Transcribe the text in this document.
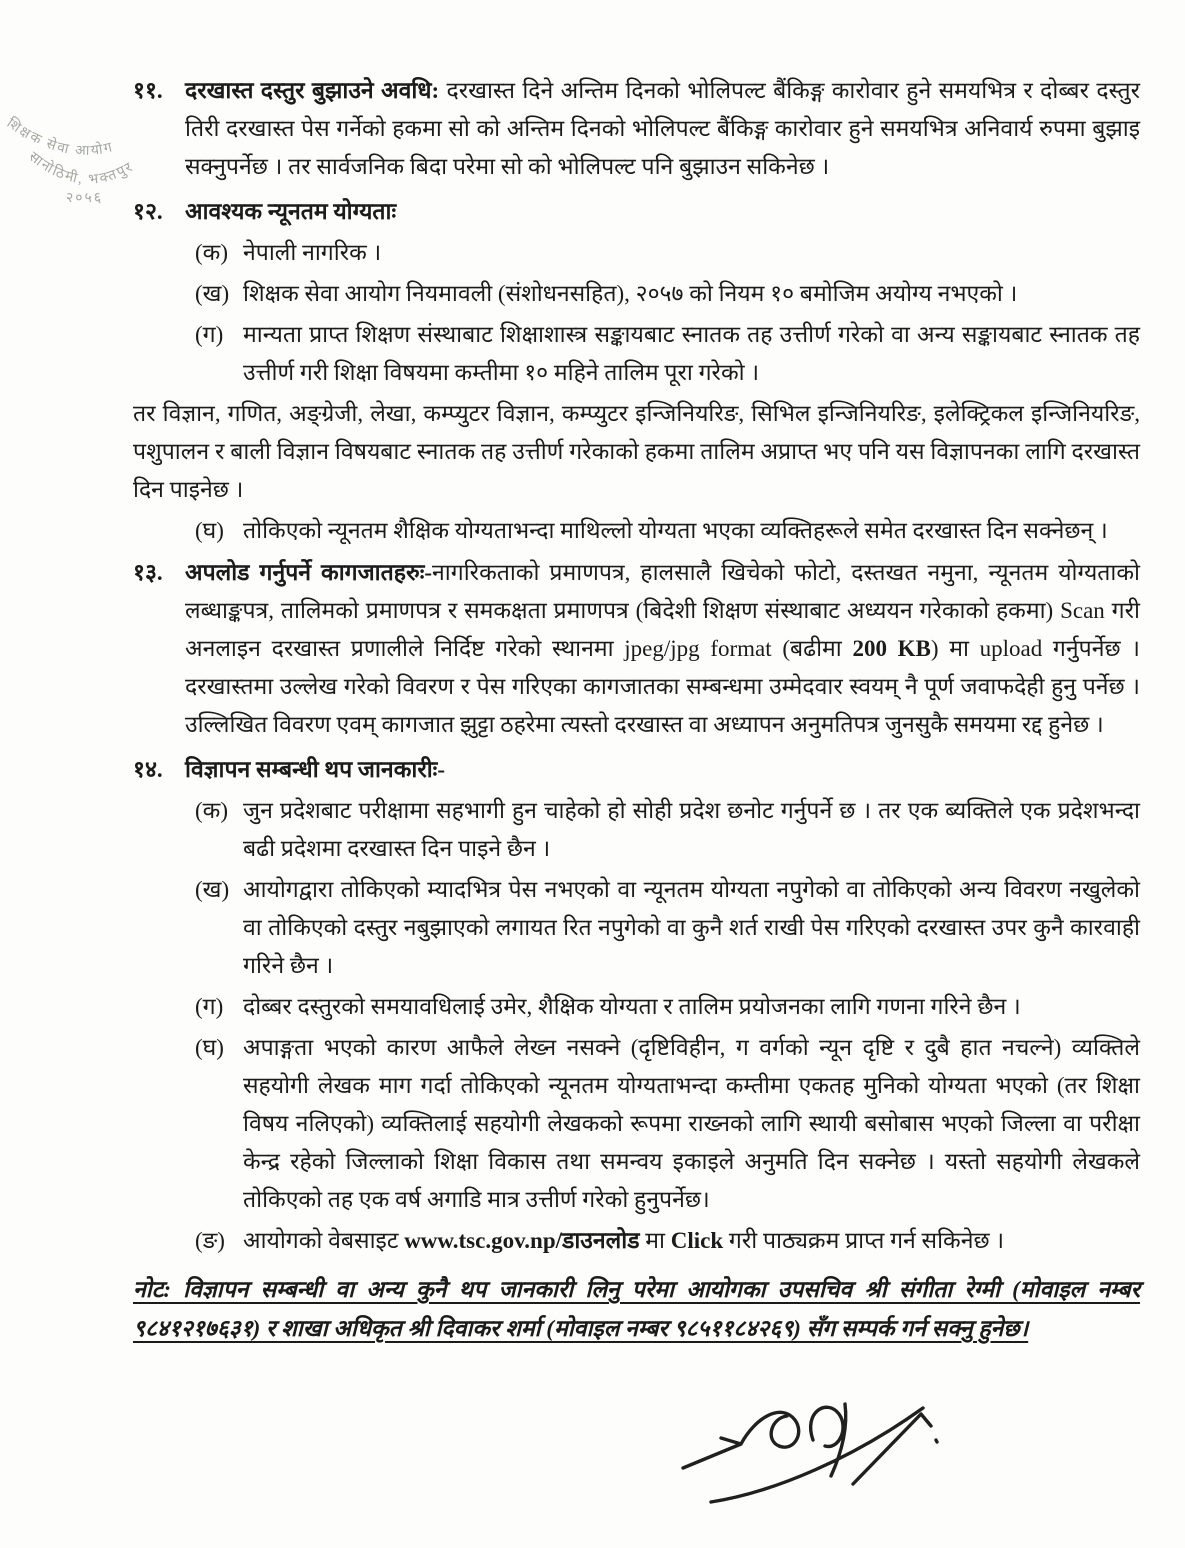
शिक्षक सेवा आयोग
सानोठिमी, भक्तपुर
२०५६
११. दरखास्त दस्तुर बुझाउने अवधि: दरखास्त दिने अन्तिम दिनको भोलिपल्ट बैंकिङ्ग कारोवार हुने समयभित्र र दोब्बर दस्तुर तिरी दरखास्त पेस गर्नेको हकमा सो को अन्तिम दिनको भोलिपल्ट बैंकिङ्ग कारोवार हुने समयभित्र अनिवार्य रुपमा बुझाइ सक्नुपर्नेछ । तर सार्वजनिक बिदा परेमा सो को भोलिपल्ट पनि बुझाउन सकिनेछ ।
१२. आवश्यक न्यूनतम योग्यताः
(क) नेपाली नागरिक ।
(ख) शिक्षक सेवा आयोग नियमावली (संशोधनसहित), २०५७ को नियम १० बमोजिम अयोग्य नभएको ।
(ग) मान्यता प्राप्त शिक्षण संस्थाबाट शिक्षाशास्त्र सङ्कायबाट स्नातक तह उत्तीर्ण गरेको वा अन्य सङ्कायबाट स्नातक तह उत्तीर्ण गरी शिक्षा विषयमा कम्तीमा १० महिने तालिम पूरा गरेको ।
तर विज्ञान, गणित, अङ्ग्रेजी, लेखा, कम्प्युटर विज्ञान, कम्प्युटर इन्जिनियरिङ, सिभिल इन्जिनियरिङ, इलेक्ट्रिकल इन्जिनियरिङ, पशुपालन र बाली विज्ञान विषयबाट स्नातक तह उत्तीर्ण गरेकाको हकमा तालिम अप्राप्त भए पनि यस विज्ञापनका लागि दरखास्त दिन पाइनेछ ।
(घ) तोकिएको न्यूनतम शैक्षिक योग्यताभन्दा माथिल्लो योग्यता भएका व्यक्तिहरूले समेत दरखास्त दिन सक्नेछन् ।
१३. अपलोड गर्नुपर्ने कागजातहरुः-नागरिकताको प्रमाणपत्र, हालसालै खिचेको फोटो, दस्तखत नमुना, न्यूनतम योग्यताको लब्धाङ्कपत्र, तालिमको प्रमाणपत्र र समकक्षता प्रमाणपत्र (बिदेशी शिक्षण संस्थाबाट अध्ययन गरेकाको हकमा) Scan गरी अनलाइन दरखास्त प्रणालीले निर्दिष्ट गरेको स्थानमा jpeg/jpg format (बढीमा 200 KB) मा upload गर्नुपर्नेछ । दरखास्तमा उल्लेख गरेको विवरण र पेस गरिएका कागजातका सम्बन्धमा उम्मेदवार स्वयम् नै पूर्ण जवाफदेही हुनु पर्नेछ । उल्लिखित विवरण एवम् कागजात झुट्टा ठहरेमा त्यस्तो दरखास्त वा अध्यापन अनुमतिपत्र जुनसुकै समयमा रद्द हुनेछ ।
१४. विज्ञापन सम्बन्धी थप जानकारीः-
(क) जुन प्रदेशबाट परीक्षामा सहभागी हुन चाहेको हो सोही प्रदेश छनोट गर्नुपर्ने छ । तर एक ब्यक्तिले एक प्रदेशभन्दा बढी प्रदेशमा दरखास्त दिन पाइने छैन ।
(ख) आयोगद्वारा तोकिएको म्यादभित्र पेस नभएको वा न्यूनतम योग्यता नपुगेको वा तोकिएको अन्य विवरण नखुलेको वा तोकिएको दस्तुर नबुझाएको लगायत रित नपुगेको वा कुनै शर्त राखी पेस गरिएको दरखास्त उपर कुनै कारवाही गरिने छैन ।
(ग) दोब्बर दस्तुरको समयावधिलाई उमेर, शैक्षिक योग्यता र तालिम प्रयोजनका लागि गणना गरिने छैन ।
(घ) अपाङ्गता भएको कारण आफैले लेख्न नसक्ने (दृष्टिविहीन, ग वर्गको न्यून दृष्टि र दुबै हात नचल्ने) व्यक्तिले सहयोगी लेखक माग गर्दा तोकिएको न्यूनतम योग्यताभन्दा कम्तीमा एकतह मुनिको योग्यता भएको (तर शिक्षा विषय नलिएको) व्यक्तिलाई सहयोगी लेखकको रूपमा राख्नको लागि स्थायी बसोबास भएको जिल्ला वा परीक्षा केन्द्र रहेको जिल्लाको शिक्षा विकास तथा समन्वय इकाइले अनुमति दिन सक्नेछ । यस्तो सहयोगी लेखकले तोकिएको तह एक वर्ष अगाडि मात्र उत्तीर्ण गरेको हुनुपर्नेछ।
(ङ) आयोगको वेबसाइट www.tsc.gov.np/डाउनलोड मा Click गरी पाठ्यक्रम प्राप्त गर्न सकिनेछ ।
नोट: विज्ञापन सम्बन्धी वा अन्य कुनै थप जानकारी लिनु परेमा आयोगका उपसचिव श्री संगीता रेग्मी (मोवाइल नम्बर ९८४१२१७६३१) र शाखा अधिकृत श्री दिवाकर शर्मा (मोवाइल नम्बर ९८५११८४२६९) सँग सम्पर्क गर्न सक्नु हुनेछ।
